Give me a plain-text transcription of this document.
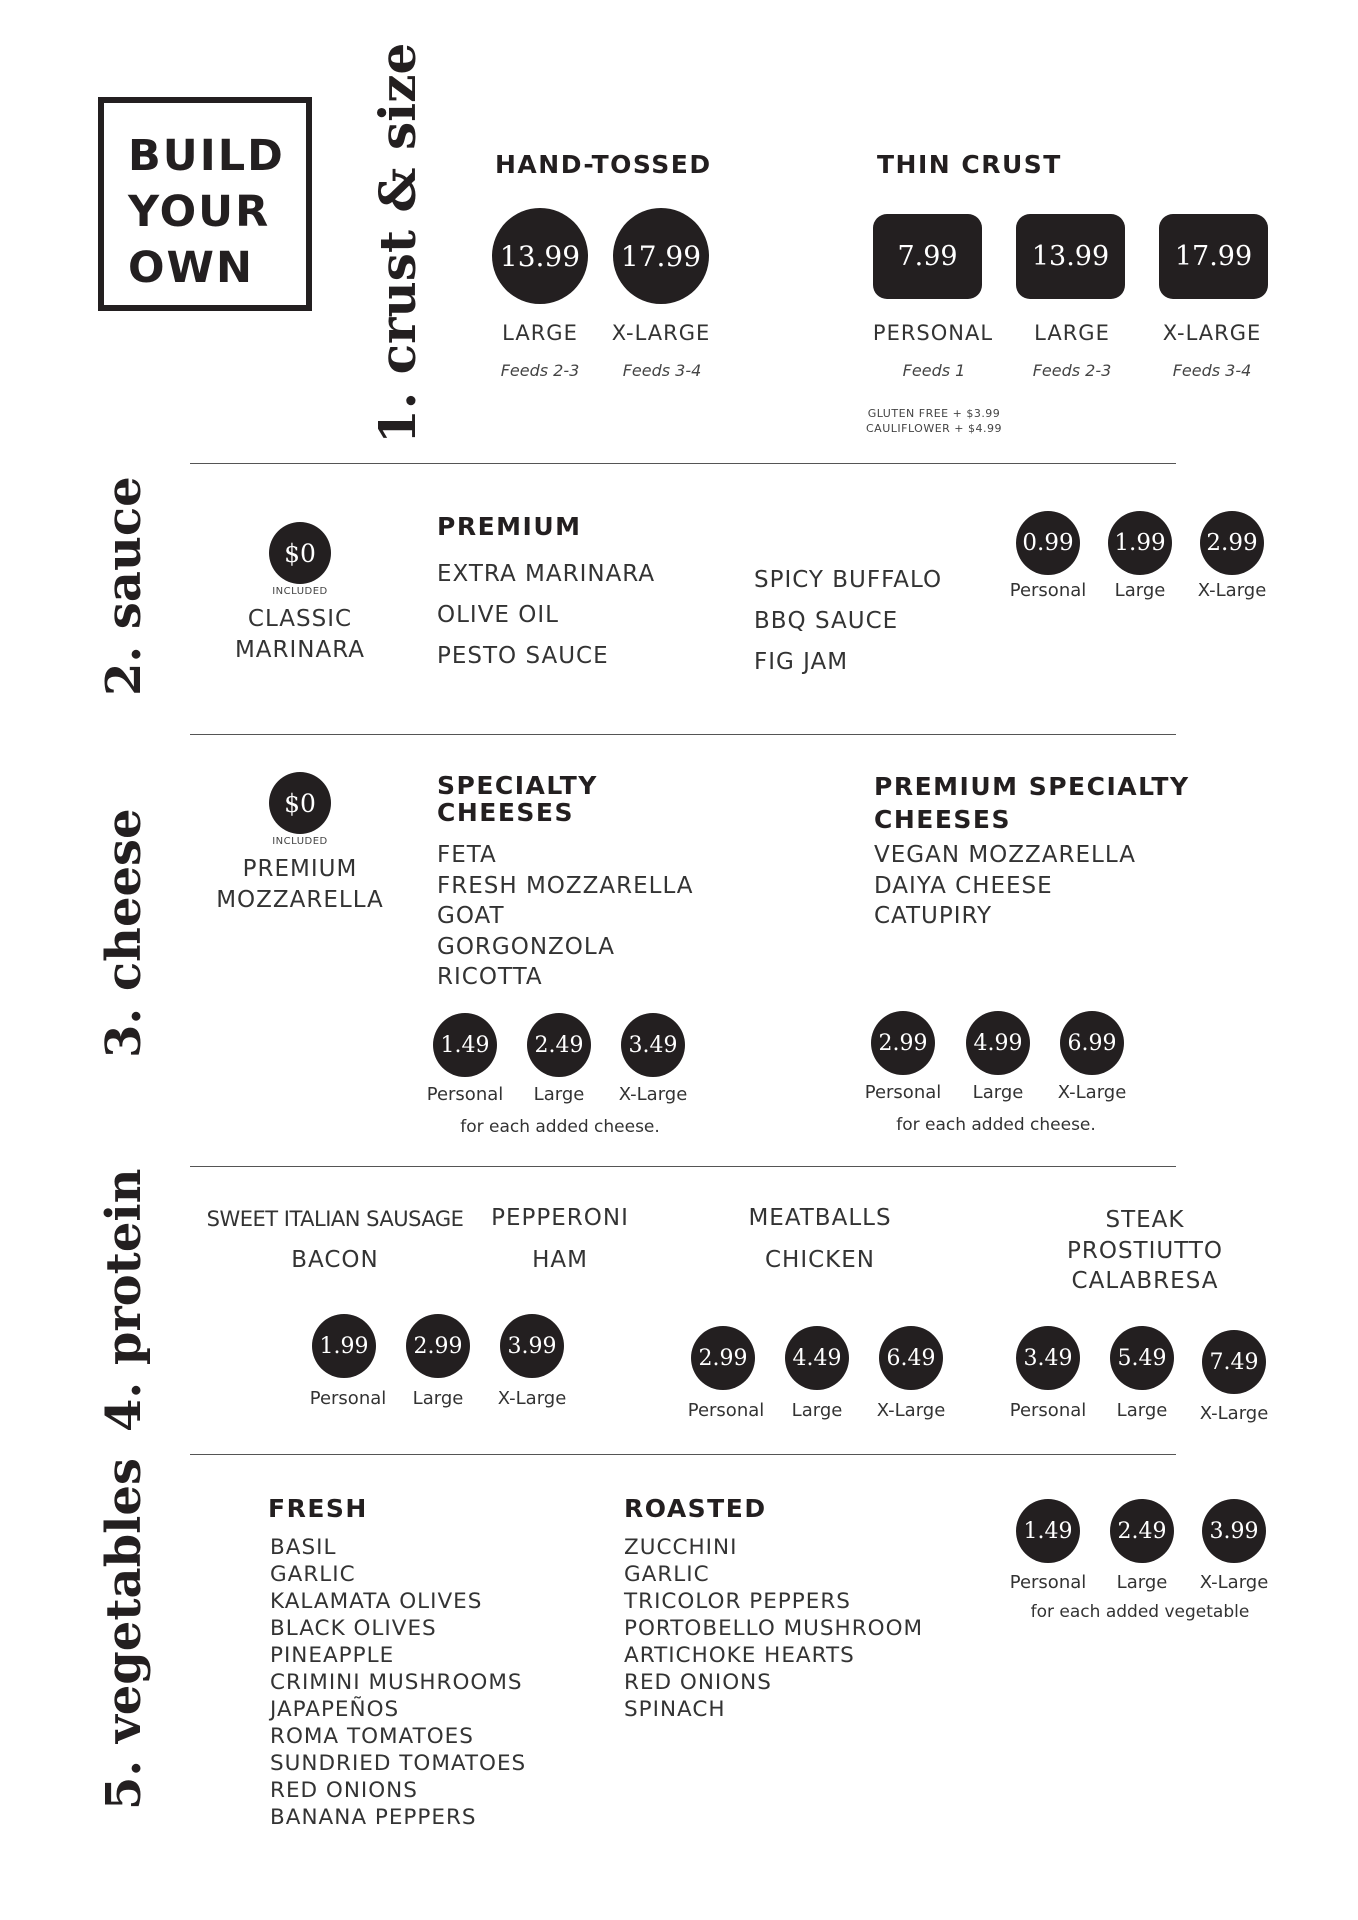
BUILD
YOUR
OWN	1. crust & size
2. sauce
3. cheese
4. protein
5. vegetables
HAND-TOSSED	THIN CRUST
13.99 17.99
LARGE	X-LARGE
Feeds 2-3	Feeds 3-4
7.99	13.99	17.99
PERSONAL	LARGE	X-LARGE
Feeds 1	Feeds 2-3	Feeds 3-4
GLUTEN FREE + $3.99
CAULIFLOWER + $4.99
$0
INCLUDED
CLASSIC
MARINARA
PREMIUM
EXTRA MARINARA
OLIVE OIL
PESTO SAUCE
SPICY BUFFALO
BBQ SAUCE
FIG JAM
0.99 1.99 2.99
Personal	Large	X-Large
$0
INCLUDED
PREMIUM
MOZZARELLA
SPECIALTY
CHEESES
FETA
FRESH MOZZARELLA
GOAT
GORGONZOLA
RICOTTA
1.49	2.49	3.49
Personal	Large	X-Large
for each added cheese.
PREMIUM SPECIALTY
CHEESES
VEGAN MOZZARELLA
DAIYA CHEESE
CATUPIRY
2.99	4.99	6.99
Personal	Large	X-Large
for each added cheese.
SWEET ITALIAN SAUSAGE	PEPPERONI
BACON	HAM
1.99	2.99	3.99
Personal	Large	X-Large
MEATBALLS
CHICKEN
2.99	4.49	6.49
Personal	Large	X-Large
STEAK
PROSTIUTTO
CALABRESA
3.49	5.49	7.49
Personal	Large	X-Large
FRESH
BASIL
GARLIC
KALAMATA OLIVES
BLACK OLIVES
PINEAPPLE
CRIMINI MUSHROOMS
JAPAPEÑOS
ROMA TOMATOES
SUNDRIED TOMATOES
RED ONIONS
BANANA PEPPERS
ROASTED
ZUCCHINI
GARLIC
TRICOLOR PEPPERS
PORTOBELLO MUSHROOM
ARTICHOKE HEARTS
RED ONIONS
SPINACH
1.49	2.49	3.99
Personal	Large	X-Large
for each added vegetable
